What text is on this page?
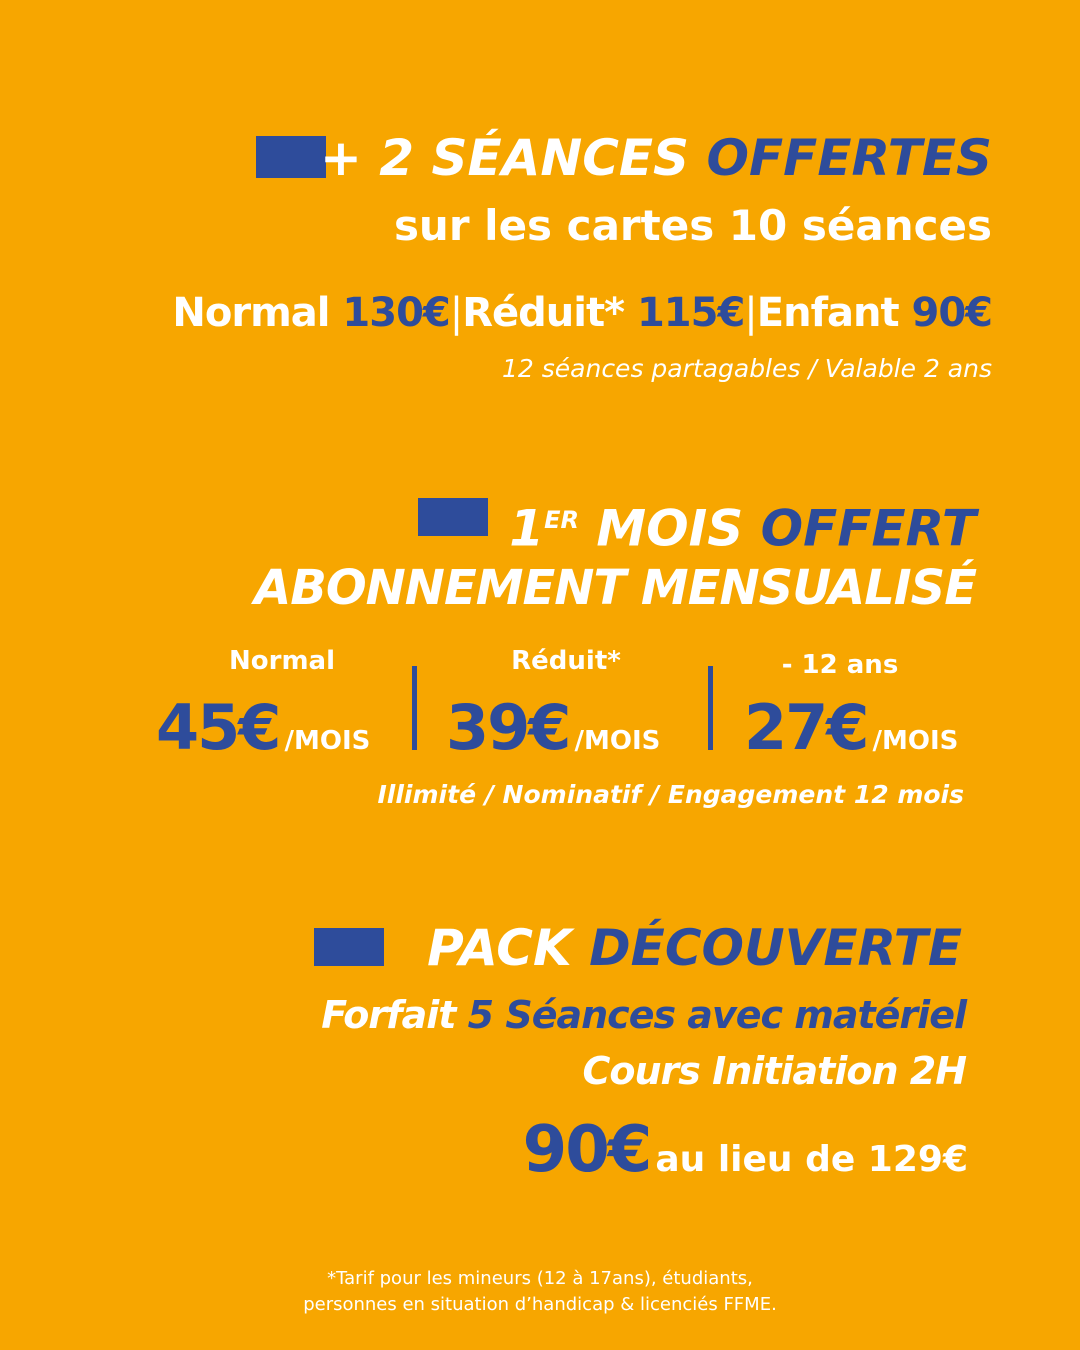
+ 2 SÉANCES OFFERTES
sur les cartes 10 séances
Normal 130€|Réduit* 115€|Enfant 90€
12 séances partagables / Valable 2 ans
1ER MOIS OFFERT
ABONNEMENT MENSUALISÉ
Normal	Réduit*	- 12 ans
45€ /MOIS 39€ /MOIS 27€ /MOIS
Illimité / Nominatif / Engagement 12 mois
PACK DÉCOUVERTE
Forfait 5 Séances avec matériel
Cours Initiation 2H
90€ au lieu de 129€
*Tarif pour les mineurs (12 à 17ans), étudiants,
personnes en situation d’handicap & licenciés FFME.
